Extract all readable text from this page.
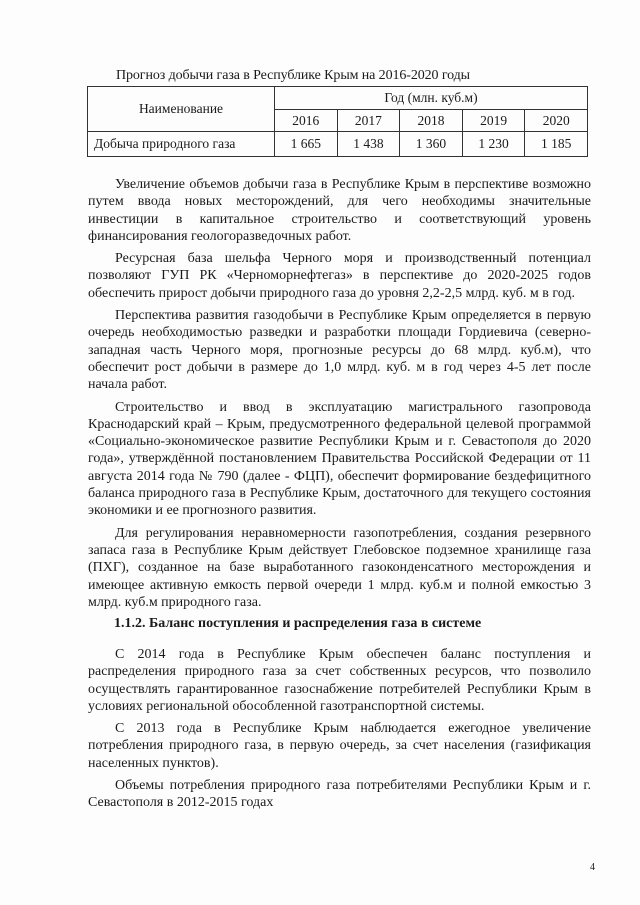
Прогноз добычи газа в Республике Крым на 2016-2020 годы
Наименование	Год (млн. куб.м)				
	2016	2017	2018	2019	2020
Добыча природного газа	1 665	1 438	1 360	1 230	1 185

Увеличение объемов добычи газа в Республике Крым в перспективе возможно путем ввода новых месторождений, для чего необходимы значительные инвестиции в капитальное строительство и соответствующий уровень финансирования геологоразведочных работ.

Ресурсная база шельфа Черного моря и производственный потенциал позволяют ГУП РК «Черноморнефтегаз» в перспективе до 2020-2025 годов обеспечить прирост добычи природного газа до уровня 2,2-2,5 млрд. куб. м в год.

Перспектива развития газодобычи в Республике Крым определяется в первую очередь необходимостью разведки и разработки площади Гордиевича (северно-западная часть Черного моря, прогнозные ресурсы до 68 млрд. куб.м), что обеспечит рост добычи в размере до 1,0 млрд. куб. м в год через 4-5 лет после начала работ.

Строительство и ввод в эксплуатацию магистрального газопровода Краснодарский край – Крым, предусмотренного федеральной целевой программой «Социально-экономическое развитие Республики Крым и г. Севастополя до 2020 года», утверждённой постановлением Правительства Российской Федерации от 11 августа 2014 года № 790 (далее - ФЦП), обеспечит формирование бездефицитного баланса природного газа в Республике Крым, достаточного для текущего состояния экономики и ее прогнозного развития.

Для регулирования неравномерности газопотребления, создания резервного запаса газа в Республике Крым действует Глебовское подземное хранилище газа (ПХГ), созданное на базе выработанного газоконденсатного месторождения и имеющее активную емкость первой очереди 1 млрд. куб.м и полной емкостью 3 млрд. куб.м природного газа.

1.1.2. Баланс поступления и распределения газа в системе

С 2014 года в Республике Крым обеспечен баланс поступления и распределения природного газа за счет собственных ресурсов, что позволило осуществлять гарантированное газоснабжение потребителей Республики Крым в условиях региональной обособленной газотранспортной системы.

С 2013 года в Республике Крым наблюдается ежегодное увеличение потребления природного газа, в первую очередь, за счет населения (газификация населенных пунктов).

Объемы потребления природного газа потребителями Республики Крым и г. Севастополя в 2012-2015 годах

4
